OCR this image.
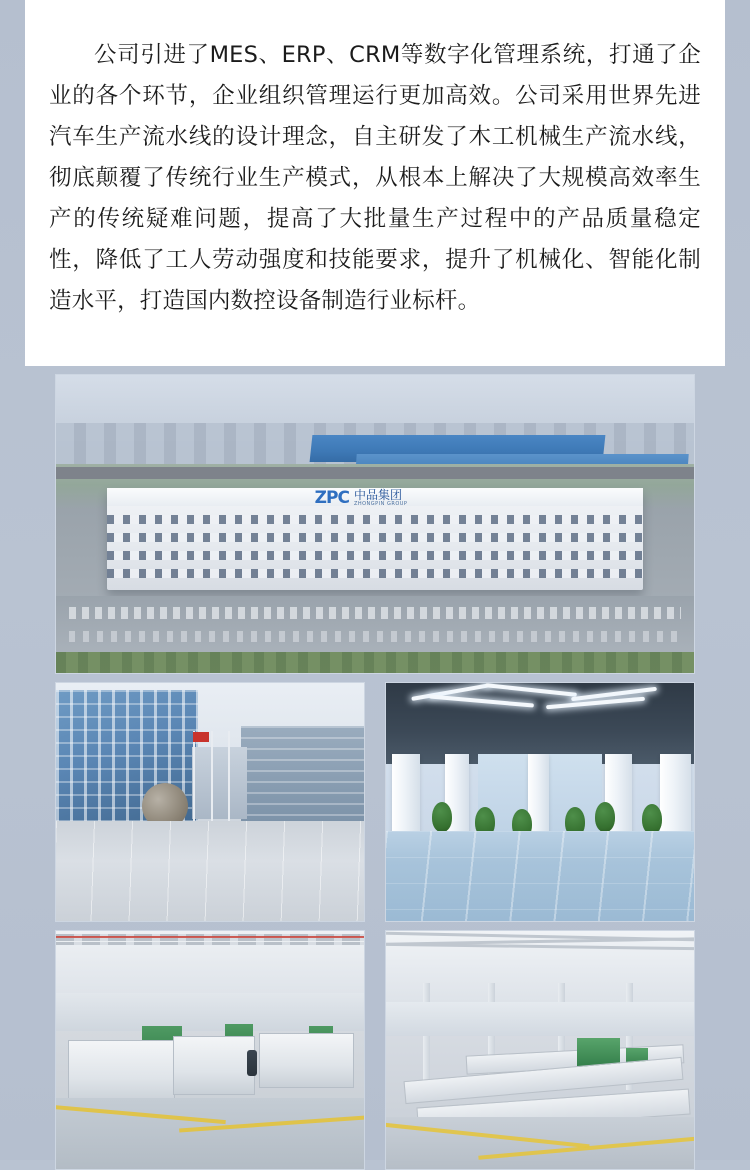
公司引进了MES、ERP、CRM等数字化管理系统，打通了企业的各个环节，企业组织管理运行更加高效。公司采用世界先进汽车生产流水线的设计理念，自主研发了木工机械生产流水线，彻底颠覆了传统行业生产模式，从根本上解决了大规模高效率生产的传统疑难问题，提高了大批量生产过程中的产品质量稳定性，降低了工人劳动强度和技能要求，提升了机械化、智能化制造水平，打造国内数控设备制造行业标杆。

ZPC 中品集团
ZHONGPIN GROUP
